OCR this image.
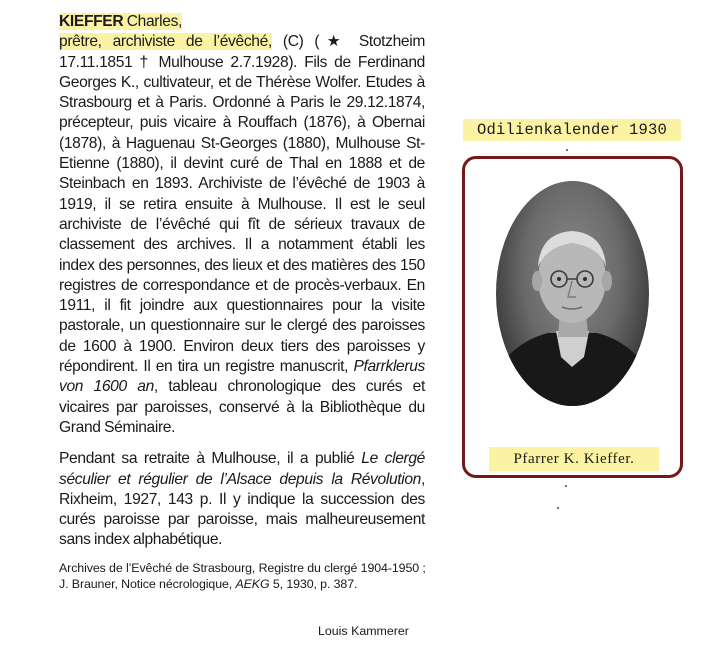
KIEFFER Charles,
prêtre, archiviste de l’évêché, (C) (★ Stotzheim 17.11.1851 † Mulhouse 2.7.1928). Fils de Ferdinand Georges K., cultivateur, et de Thérèse Wolfer. Etudes à Strasbourg et à Paris. Ordonné à Paris le 29.12.1874, précepteur, puis vicaire à Rouffach (1876), à Obernai (1878), à Haguenau St-Georges (1880), Mulhouse St-Etienne (1880), il devint curé de Thal en 1888 et de Steinbach en 1893. Archiviste de l’évêché de 1903 à 1919, il se retira ensuite à Mulhouse. Il est le seul archiviste de l’évêché qui fît de sérieux travaux de classement des archives. Il a notamment établi les index des personnes, des lieux et des matières des 150 registres de correspondance et de procès-verbaux. En 1911, il fit joindre aux questionnaires pour la visite pastorale, un questionnaire sur le clergé des paroisses de 1600 à 1900. Environ deux tiers des paroisses y répondirent. Il en tira un registre manuscrit, Pfarrklerus von 1600 an, tableau chronologique des curés et vicaires par paroisses, conservé à la Bibliothèque du Grand Séminaire.

Pendant sa retraite à Mulhouse, il a publié Le clergé séculier et régulier de l’Alsace depuis la Révolution, Rixheim, 1927, 143 p. Il y indique la succession des curés paroisse par paroisse, mais malheureusement sans index alphabétique.

Archives de l’Evêché de Strasbourg, Registre du clergé 1904-1950 ; J. Brauner, Notice nécrologique, AEKG 5, 1930, p. 387.
Louis Kammerer
Odilienkalender 1930
Pfarrer K. Kieffer.
